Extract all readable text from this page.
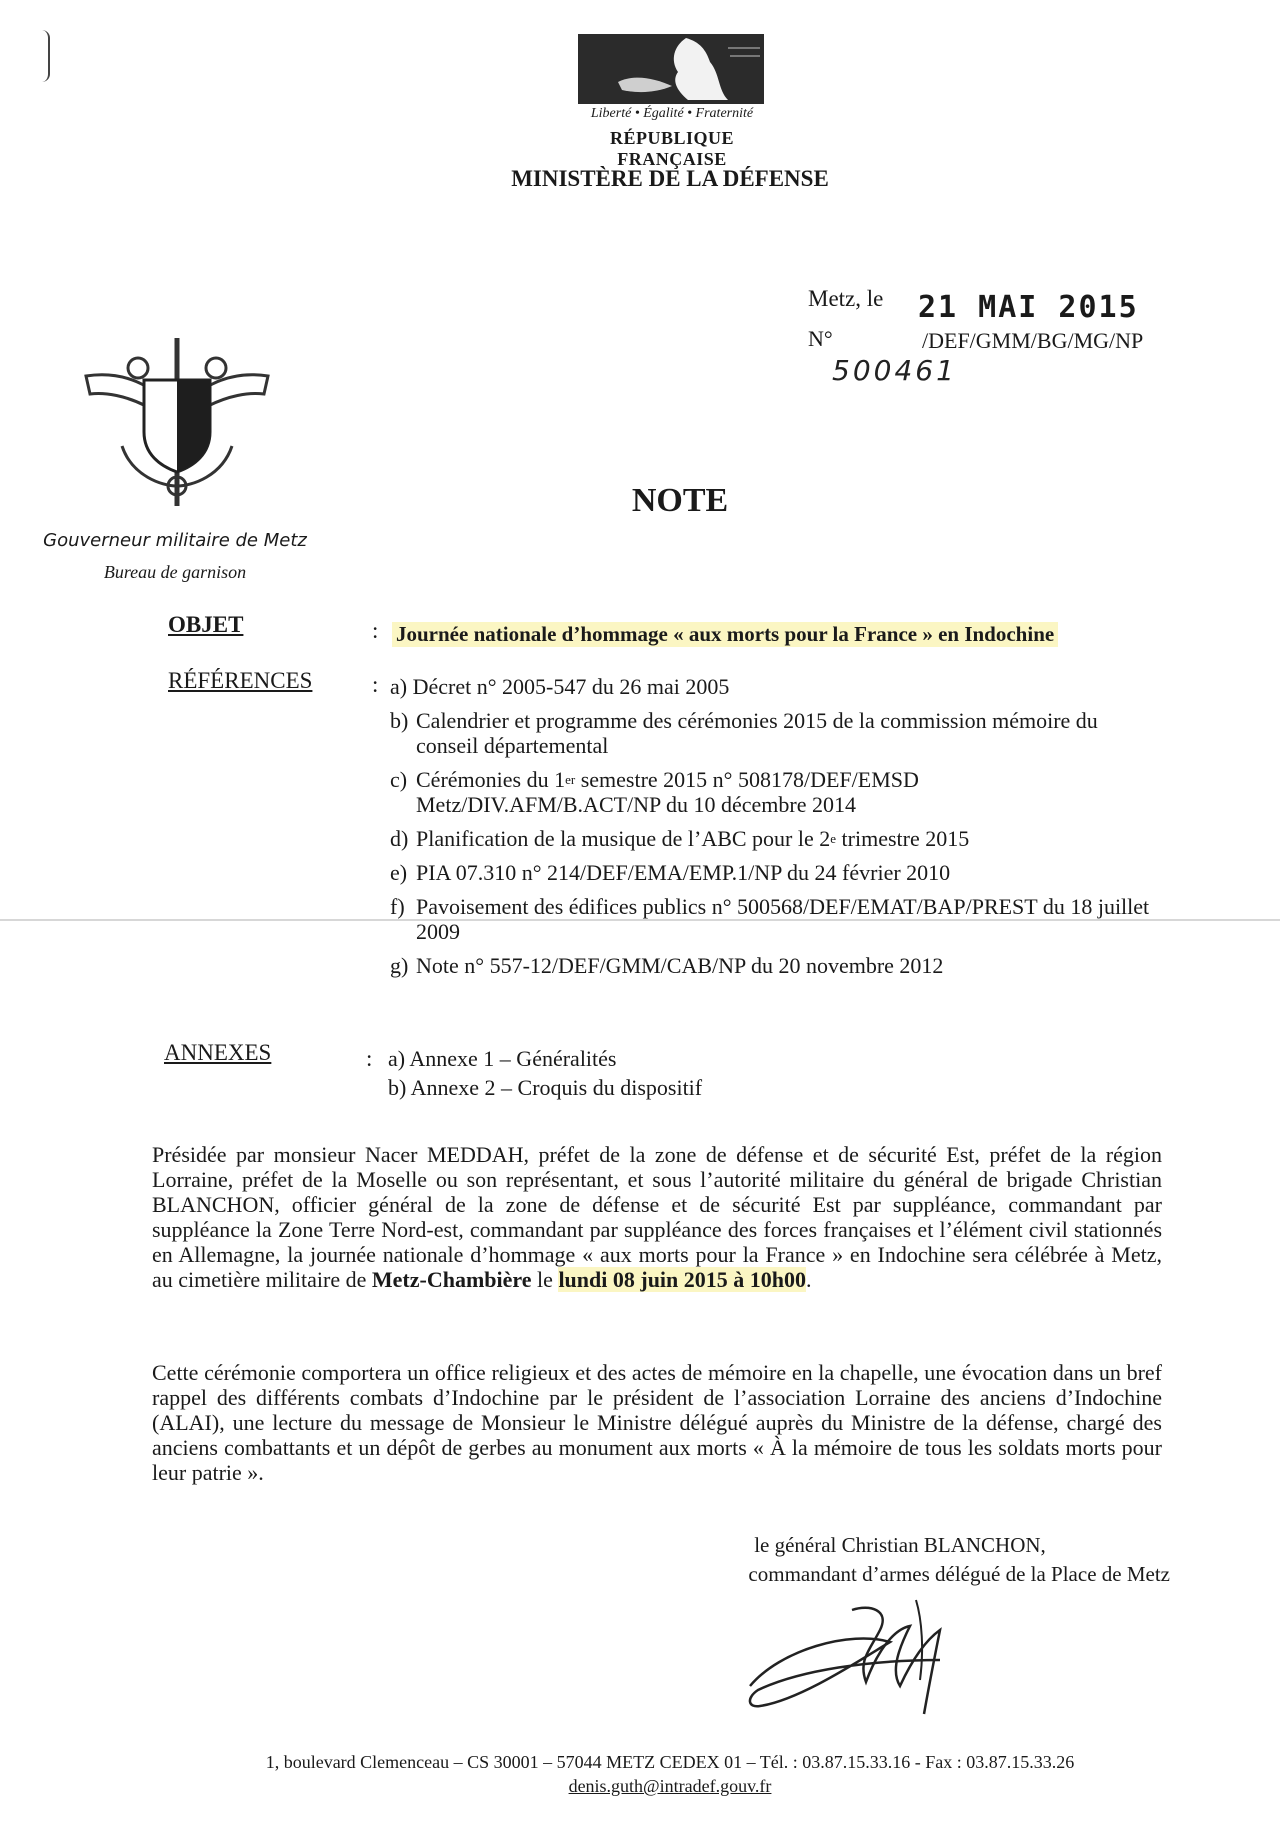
Liberté • Égalité • Fraternité
RÉPUBLIQUE FRANÇAISE
MINISTÈRE DE LA DÉFENSE
Metz, le 21 MAI 2015
N°	/DEF/GMM/BG/MG/NP
500461
Gouverneur militaire de Metz
Bureau de garnison
NOTE
OBJET	: Journée nationale d’hommage « aux morts pour la France » en Indochine
RÉFÉRENCES	: a) Décret n° 2005-547 du 26 mai 2005
b) Calendrier et programme des cérémonies 2015 de la commission mémoire du conseil départemental
c) Cérémonies du 1er semestre 2015 n° 508178/DEF/EMSD Metz/DIV.AFM/B.ACT/NP du 10 décembre 2014
d) Planification de la musique de l’ABC pour le 2e trimestre 2015
e) PIA 07.310 n° 214/DEF/EMA/EMP.1/NP du 24 février 2010
f) Pavoisement des édifices publics n° 500568/DEF/EMAT/BAP/PREST du 18 juillet 2009
g) Note n° 557-12/DEF/GMM/CAB/NP du 20 novembre 2012
ANNEXES	: a) Annexe 1 – Généralités
b) Annexe 2 – Croquis du dispositif
Présidée par monsieur Nacer MEDDAH, préfet de la zone de défense et de sécurité Est, préfet de la région Lorraine, préfet de la Moselle ou son représentant, et sous l’autorité militaire du général de brigade Christian BLANCHON, officier général de la zone de défense et de sécurité Est par suppléance, commandant par suppléance la Zone Terre Nord-est, commandant par suppléance des forces françaises et l’élément civil stationnés en Allemagne, la journée nationale d’hommage « aux morts pour la France » en Indochine sera célébrée à Metz, au cimetière militaire de Metz-Chambière le lundi 08 juin 2015 à 10h00.
Cette cérémonie comportera un office religieux et des actes de mémoire en la chapelle, une évocation dans un bref rappel des différents combats d’Indochine par le président de l’association Lorraine des anciens d’Indochine (ALAI), une lecture du message de Monsieur le Ministre délégué auprès du Ministre de la défense, chargé des anciens combattants et un dépôt de gerbes au monument aux morts « À la mémoire de tous les soldats morts pour leur patrie ».
le général Christian BLANCHON,
commandant d’armes délégué de la Place de Metz
1, boulevard Clemenceau – CS 30001 – 57044 METZ CEDEX 01 – Tél. : 03.87.15.33.16 - Fax : 03.87.15.33.26
denis.guth@intradef.gouv.fr
